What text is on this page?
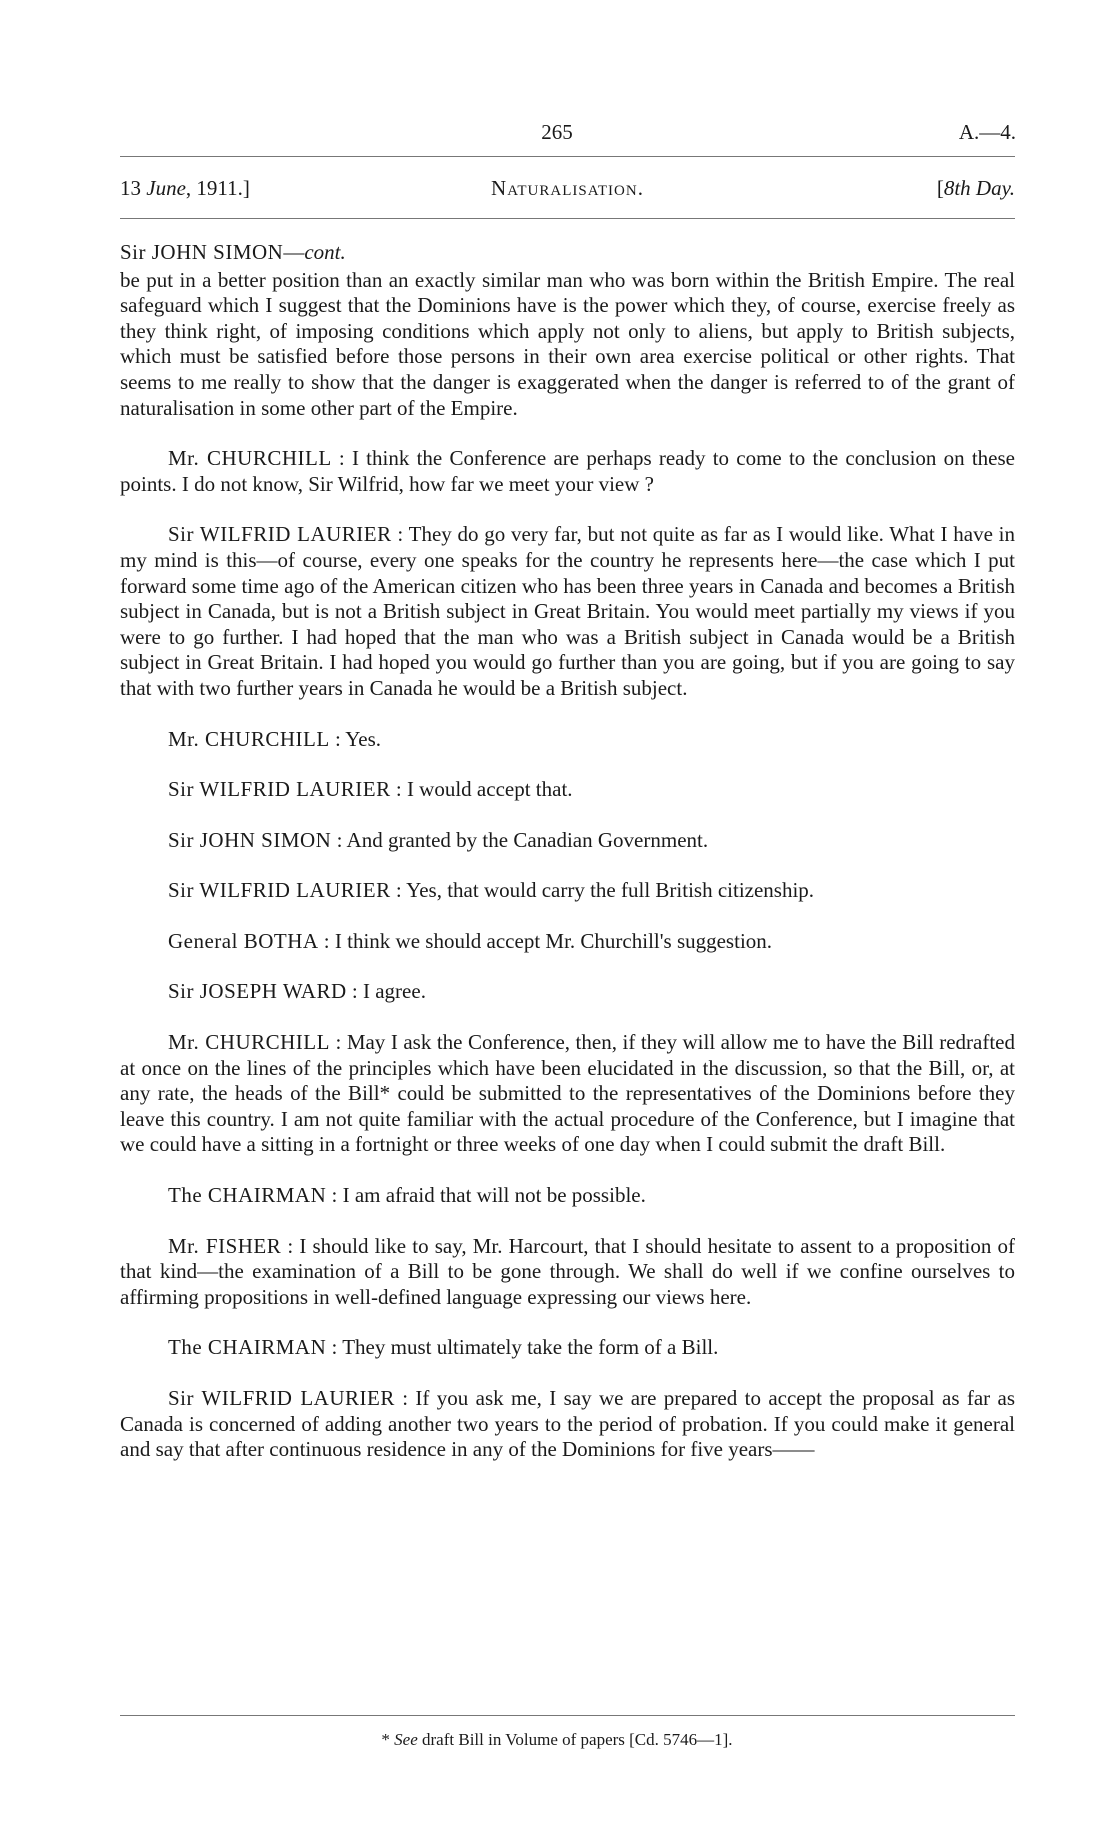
265	A.—4.
13 June, 1911.]	Naturalisation.	[8th Day.
Sir JOHN SIMON—cont.

be put in a better position than an exactly similar man who was born within the British Empire. The real safeguard which I suggest that the Dominions have is the power which they, of course, exercise freely as they think right, of imposing conditions which apply not only to aliens, but apply to British subjects, which must be satisfied before those persons in their own area exercise political or other rights. That seems to me really to show that the danger is exaggerated when the danger is referred to of the grant of naturalisation in some other part of the Empire.

Mr. CHURCHILL : I think the Conference are perhaps ready to come to the conclusion on these points. I do not know, Sir Wilfrid, how far we meet your view ?

Sir WILFRID LAURIER : They do go very far, but not quite as far as I would like. What I have in my mind is this—of course, every one speaks for the country he represents here—the case which I put forward some time ago of the American citizen who has been three years in Canada and becomes a British subject in Canada, but is not a British subject in Great Britain. You would meet partially my views if you were to go further. I had hoped that the man who was a British subject in Canada would be a British subject in Great Britain. I had hoped you would go further than you are going, but if you are going to say that with two further years in Canada he would be a British subject.

Mr. CHURCHILL : Yes.

Sir WILFRID LAURIER : I would accept that.

Sir JOHN SIMON : And granted by the Canadian Government.

Sir WILFRID LAURIER : Yes, that would carry the full British citizenship.

General BOTHA : I think we should accept Mr. Churchill's suggestion.

Sir JOSEPH WARD : I agree.

Mr. CHURCHILL : May I ask the Conference, then, if they will allow me to have the Bill redrafted at once on the lines of the principles which have been elucidated in the discussion, so that the Bill, or, at any rate, the heads of the Bill* could be submitted to the representatives of the Dominions before they leave this country. I am not quite familiar with the actual procedure of the Conference, but I imagine that we could have a sitting in a fortnight or three weeks of one day when I could submit the draft Bill.

The CHAIRMAN : I am afraid that will not be possible.

Mr. FISHER : I should like to say, Mr. Harcourt, that I should hesitate to assent to a proposition of that kind—the examination of a Bill to be gone through. We shall do well if we confine ourselves to affirming propositions in well-defined language expressing our views here.

The CHAIRMAN : They must ultimately take the form of a Bill.

Sir WILFRID LAURIER : If you ask me, I say we are prepared to accept the proposal as far as Canada is concerned of adding another two years to the period of probation. If you could make it general and say that after continuous residence in any of the Dominions for five years——

* See draft Bill in Volume of papers [Cd. 5746—1].
